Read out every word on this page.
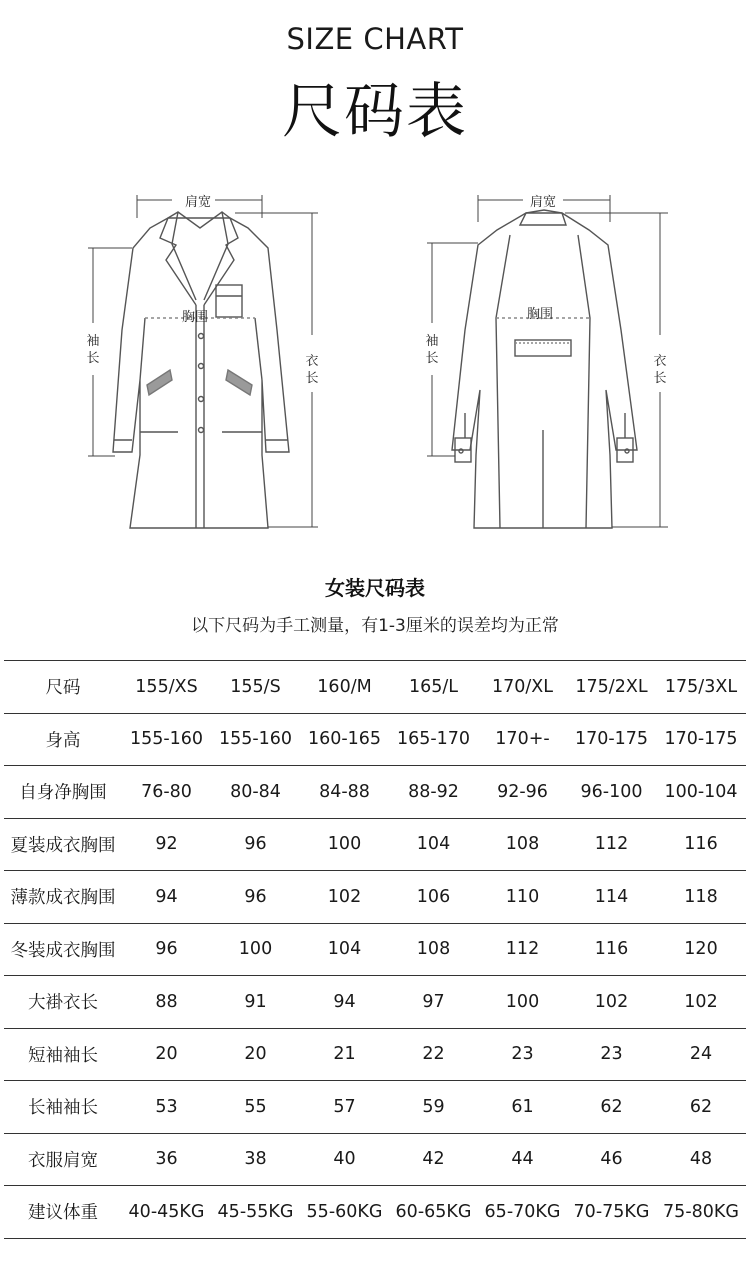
SIZE CHART
尺码表
肩宽
胸围
袖
长	衣
长
肩宽
胸围
袖
长	衣
长
女装尺码表
以下尺码为手工测量，有1-3厘米的误差均为正常
尺码	155/XS	155/S	160/M	165/L	170/XL	175/2XL	175/3XL
身高	155-160	155-160	160-165	165-170	170+-	170-175	170-175
自身净胸围	76-80	80-84	84-88	88-92	92-96	96-100	100-104
夏装成衣胸围	92	96	100	104	108	112	116
薄款成衣胸围	94	96	102	106	110	114	118
冬装成衣胸围	96	100	104	108	112	116	120
大褂衣长	88	91	94	97	100	102	102
短袖袖长	20	20	21	22	23	23	24
长袖袖长	53	55	57	59	61	62	62
衣服肩宽	36	38	40	42	44	46	48
建议体重	40-45KG	45-55KG	55-60KG	60-65KG	65-70KG	70-75KG	75-80KG
